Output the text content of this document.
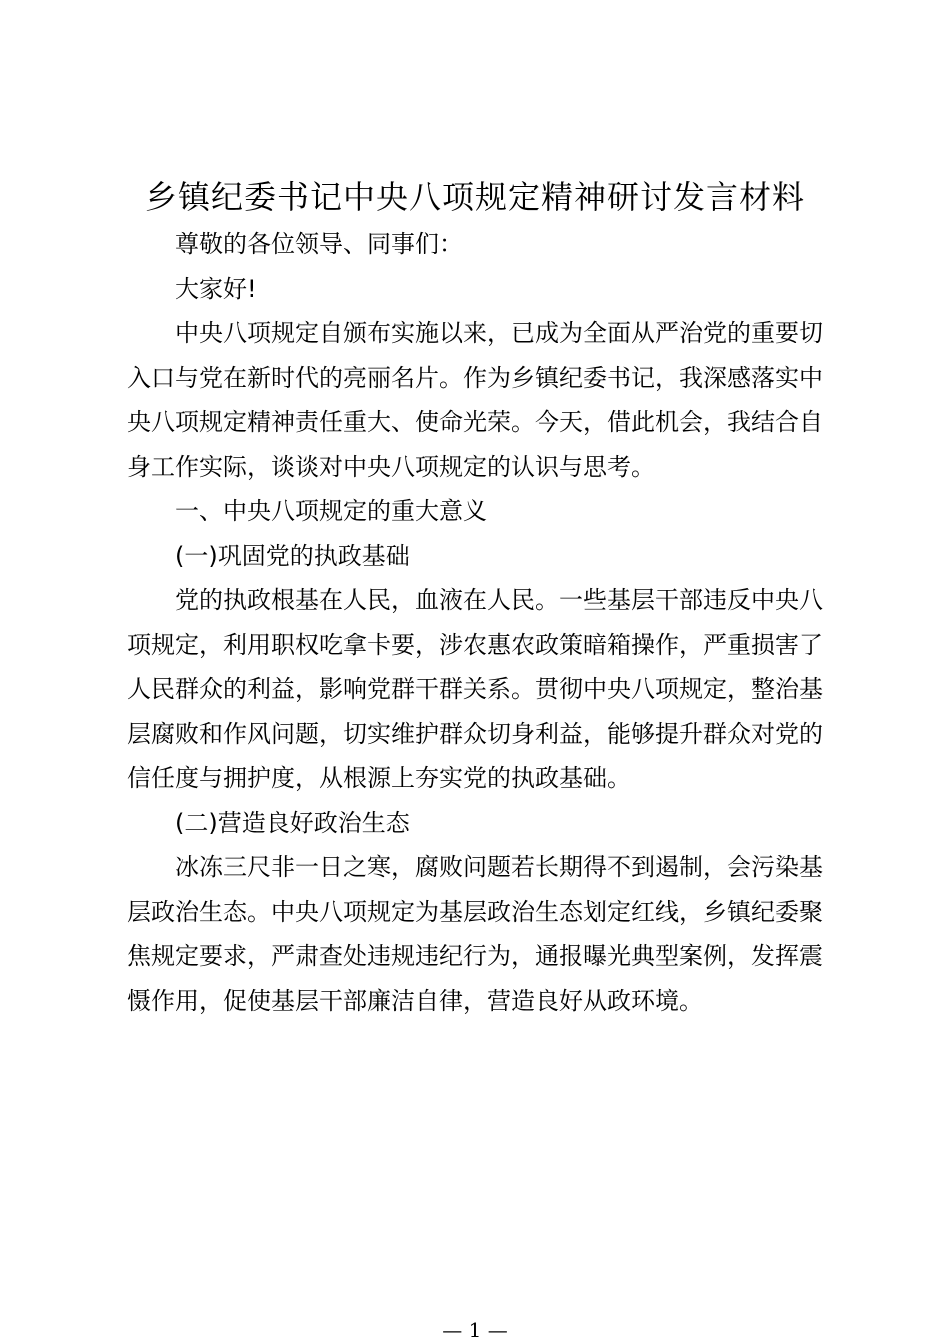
乡镇纪委书记中央八项规定精神研讨发言材料

尊敬的各位领导、同事们：

大家好!

中央八项规定自颁布实施以来，已成为全面从严治党的重要切入口与党在新时代的亮丽名片。作为乡镇纪委书记，我深感落实中央八项规定精神责任重大、使命光荣。今天，借此机会，我结合自身工作实际，谈谈对中央八项规定的认识与思考。

一、中央八项规定的重大意义

(一)巩固党的执政基础

党的执政根基在人民，血液在人民。一些基层干部违反中央八项规定，利用职权吃拿卡要，涉农惠农政策暗箱操作，严重损害了人民群众的利益，影响党群干群关系。贯彻中央八项规定，整治基层腐败和作风问题，切实维护群众切身利益，能够提升群众对党的信任度与拥护度，从根源上夯实党的执政基础。

(二)营造良好政治生态

冰冻三尺非一日之寒，腐败问题若长期得不到遏制，会污染基层政治生态。中央八项规定为基层政治生态划定红线，乡镇纪委聚焦规定要求，严肃查处违规违纪行为，通报曝光典型案例，发挥震慑作用，促使基层干部廉洁自律，营造良好从政环境。

— 1 —
